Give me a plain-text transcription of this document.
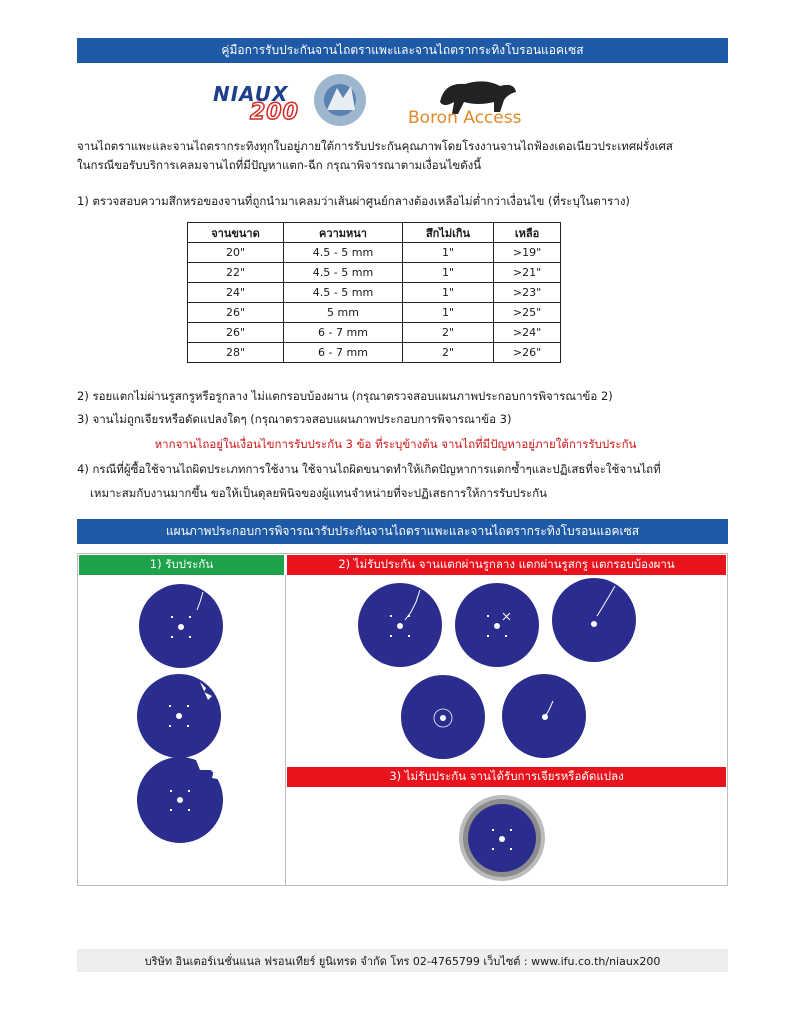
คู่มือการรับประกันจานไถตราแพะและจานไถตรากระทิงโบรอนแอคเซส
NIAUX
200	Boron Access

จานไถตราแพะและจานไถตรากระทิงทุกใบอยู่ภายใต้การรับประกันคุณภาพโดยโรงงานจานไถฟ้องเดอเนียวประเทศฝรั่งเศส

ในกรณีขอรับบริการเคลมจานไถที่มีปัญหาแตก-ฉีก กรุณาพิจารณาตามเงื่อนไขดังนี้

1) ตรวจสอบความสึกหรอของจานที่ถูกนำมาเคลมว่าเส้นผ่าศูนย์กลางต้องเหลือไม่ต่ำกว่าเงื่อนไข (ที่ระบุในตาราง)

จานขนาด	ความหนา	สึกไม่เกิน	เหลือ
20"	4.5 - 5 mm	1"	>19"
22"	4.5 - 5 mm	1"	>21"
24"	4.5 - 5 mm	1"	>23"
26"	5 mm	1"	>25"
26"	6 - 7 mm	2"	>24"
28"	6 - 7 mm	2"	>26"

2) รอยแตกไม่ผ่านรูสกรูหรือรูกลาง ไม่แตกรอบบ้องผาน (กรุณาตรวจสอบแผนภาพประกอบการพิจารณาข้อ 2)

3) จานไม่ถูกเจียรหรือดัดแปลงใดๆ (กรุณาตรวจสอบแผนภาพประกอบการพิจารณาข้อ 3)

หากจานไถอยู่ในเงื่อนไขการรับประกัน 3 ข้อ ที่ระบุข้างต้น จานไถที่มีปัญหาอยู่ภายใต้การรับประกัน

4) กรณีที่ผู้ซื้อใช้จานไถผิดประเภทการใช้งาน ใช้จานไถผิดขนาดทำให้เกิดปัญหาการแตกซ้ำๆและปฏิเสธที่จะใช้จานไถที่

เหมาะสมกับงานมากขึ้น ขอให้เป็นดุลยพินิจของผู้แทนจำหน่ายที่จะปฏิเสธการให้การรับประกัน

แผนภาพประกอบการพิจารณารับประกันจานไถตราแพะและจานไถตรากระทิงโบรอนแอคเซส
1) รับประกัน	2) ไม่รับประกัน จานแตกผ่านรูกลาง แตกผ่านรูสกรู แตกรอบบ้องผาน
3) ไม่รับประกัน จานได้รับการเจียรหรือดัดแปลง
บริษัท อินเตอร์เนชั่นแนล ฟรอนเทียร์ ยูนิเทรด จำกัด โทร 02-4765799 เว็บไซต์ : www.ifu.co.th/niaux200
